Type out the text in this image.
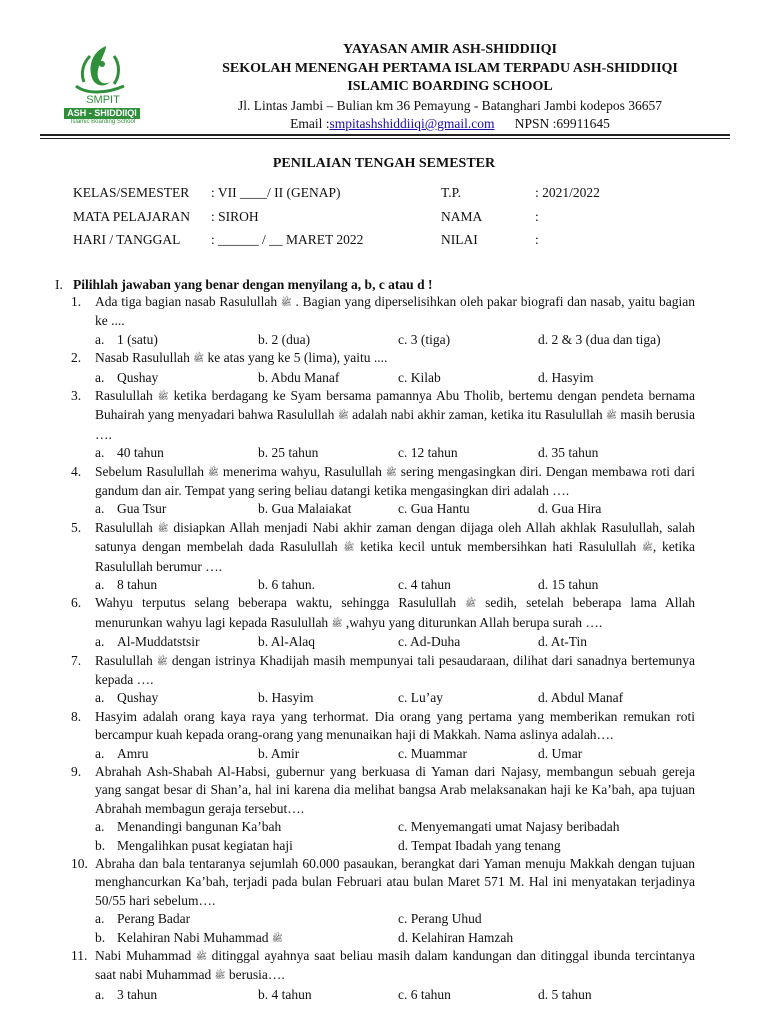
SMPIT
ASH - SHIDDIIQI
Islamic Boarding School
YAYASAN AMIR ASH-SHIDDIIQI
SEKOLAH MENENGAH PERTAMA ISLAM TERPADU ASH-SHIDDIIQI
ISLAMIC BOARDING SCHOOL
Jl. Lintas Jambi – Bulian km 36 Pemayung - Batanghari Jambi kodepos 36657
Email :smpitashshiddiiqi@gmail.com NPSN :69911645
PENILAIAN TENGAH SEMESTER
KELAS/SEMESTER : VII ____/ II (GENAP)	T.P.	: 2021/2022
MATA PELAJARAN : SIROH	NAMA	:
HARI / TANGGAL : ______ / __ MARET 2022	NILAI	:
I. Pilihlah jawaban yang benar dengan menyilang a, b, c atau d !
1.	Ada tiga bagian nasab Rasulullah ﷺ . Bagian yang diperselisihkan oleh pakar biografi dan nasab, yaitu bagian ke ....
a. 1 (satu)	b. 2 (dua)	c. 3 (tiga)	d. 2 & 3 (dua dan tiga)
2.	Nasab Rasulullah ﷺ ke atas yang ke 5 (lima), yaitu ....
a. Qushay	b. Abdu Manaf	c. Kilab	d. Hasyim
3.	Rasulullah ﷺ ketika berdagang ke Syam bersama pamannya Abu Tholib, bertemu dengan pendeta bernama Buhairah yang menyadari bahwa Rasulullah ﷺ adalah nabi akhir zaman, ketika itu Rasulullah ﷺ masih berusia ….
a. 40 tahun	b. 25 tahun	c. 12 tahun	d. 35 tahun
4.	Sebelum Rasulullah ﷺ menerima wahyu, Rasulullah ﷺ sering mengasingkan diri. Dengan membawa roti dari gandum dan air. Tempat yang sering beliau datangi ketika mengasingkan diri adalah ….
a. Gua Tsur	b. Gua Malaiakat	c. Gua Hantu	d. Gua Hira
5.	Rasulullah ﷺ disiapkan Allah menjadi Nabi akhir zaman dengan dijaga oleh Allah akhlak Rasulullah, salah satunya dengan membelah dada Rasulullah ﷺ ketika kecil untuk membersihkan hati Rasulullah ﷺ, ketika Rasulullah berumur ….
a. 8 tahun	b. 6 tahun.	c. 4 tahun	d. 15 tahun
6.	Wahyu terputus selang beberapa waktu, sehingga Rasulullah ﷺ sedih, setelah beberapa lama Allah menurunkan wahyu lagi kepada Rasulullah ﷺ ,wahyu yang diturunkan Allah berupa surah ….
a. Al-Muddatstsir	b. Al-Alaq	c. Ad-Duha	d. At-Tin
7.	Rasulullah ﷺ dengan istrinya Khadijah masih mempunyai tali pesaudaraan, dilihat dari sanadnya bertemunya kepada ….
a. Qushay	b. Hasyim	c. Lu’ay	d. Abdul Manaf
8.	Hasyim adalah orang kaya raya yang terhormat. Dia orang yang pertama yang memberikan remukan roti bercampur kuah kepada orang-orang yang menunaikan haji di Makkah. Nama aslinya adalah….
a. Amru	b. Amir	c. Muammar	d. Umar
9.	Abrahah Ash-Shabah Al-Habsi, gubernur yang berkuasa di Yaman dari Najasy, membangun sebuah gereja yang sangat besar di Shan’a, hal ini karena dia melihat bangsa Arab melaksanakan haji ke Ka’bah, apa tujuan Abrahah membagun geraja tersebut….
a. Menandingi bangunan Ka’bah	c. Menyemangati umat Najasy beribadah
b. Mengalihkan pusat kegiatan haji	d. Tempat Ibadah yang tenang
10. Abraha dan bala tentaranya sejumlah 60.000 pasaukan, berangkat dari Yaman menuju Makkah dengan tujuan menghancurkan Ka’bah, terjadi pada bulan Februari atau bulan Maret 571 M. Hal ini menyatakan terjadinya 50/55 hari sebelum….
a. Perang Badar	c. Perang Uhud
b. Kelahiran Nabi Muhammad ﷺ	d. Kelahiran Hamzah
11. Nabi Muhammad ﷺ ditinggal ayahnya saat beliau masih dalam kandungan dan ditinggal ibunda tercintanya saat nabi Muhammad ﷺ berusia….
a. 3 tahun	b. 4 tahun	c. 6 tahun	d. 5 tahun
